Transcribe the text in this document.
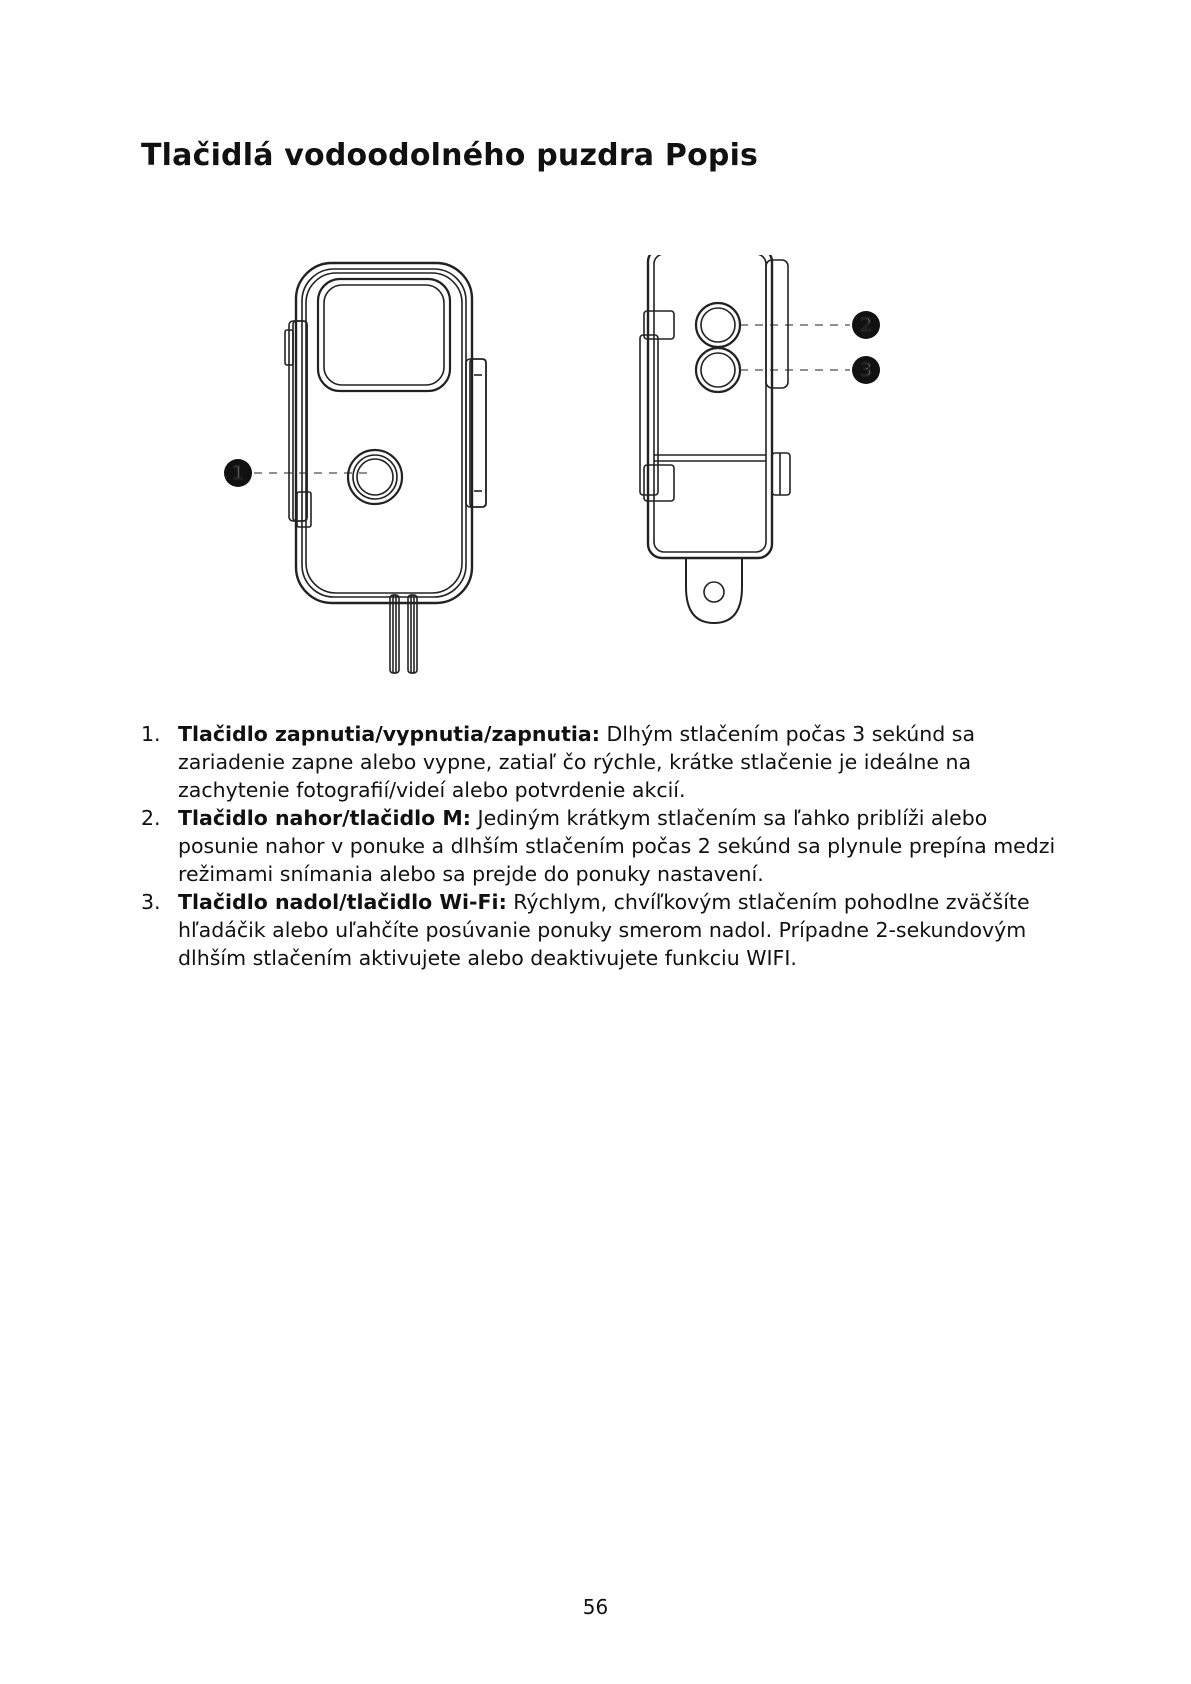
Tlačidlá vodoodolného puzdra Popis
1
2
3
1. Tlačidlo zapnutia/vypnutia/zapnutia: Dlhým stlačením počas 3 sekúnd sa zariadenie zapne alebo vypne, zatiaľ čo rýchle, krátke stlačenie je ideálne na zachytenie fotografií/videí alebo potvrdenie akcií.
2. Tlačidlo nahor/tlačidlo M: Jediným krátkym stlačením sa ľahko priblíži alebo posunie nahor v ponuke a dlhším stlačením počas 2 sekúnd sa plynule prepína medzi režimami snímania alebo sa prejde do ponuky nastavení.
3. Tlačidlo nadol/tlačidlo Wi-Fi: Rýchlym, chvíľkovým stlačením pohodlne zväčšíte hľadáčik alebo uľahčíte posúvanie ponuky smerom nadol. Prípadne 2-sekundovým dlhším stlačením aktivujete alebo deaktivujete funkciu WIFI.
56
